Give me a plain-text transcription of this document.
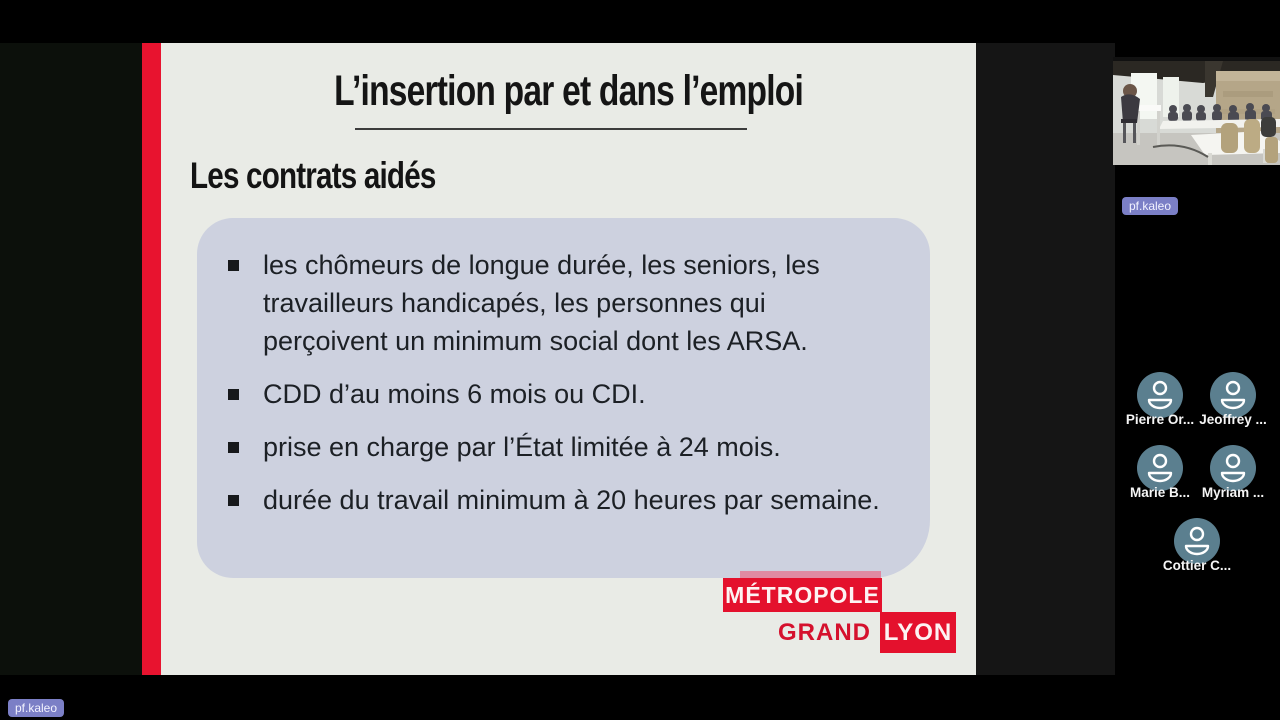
L’insertion par et dans l’emploi
Les contrats aidés
les chômeurs de longue durée, les seniors, les travailleurs handicapés, les personnes qui perçoivent un minimum social dont les ARSA.
CDD d’au moins 6 mois ou CDI.
prise en charge par l’État limitée à 24 mois.
durée du travail minimum à 20 heures par semaine.
MÉTROPOLE
GRAND LYON
pf.kaleo
Pierre Or... Jeoffrey ...
Marie B... Myriam ...
Cottier C...
pf.kaleo
